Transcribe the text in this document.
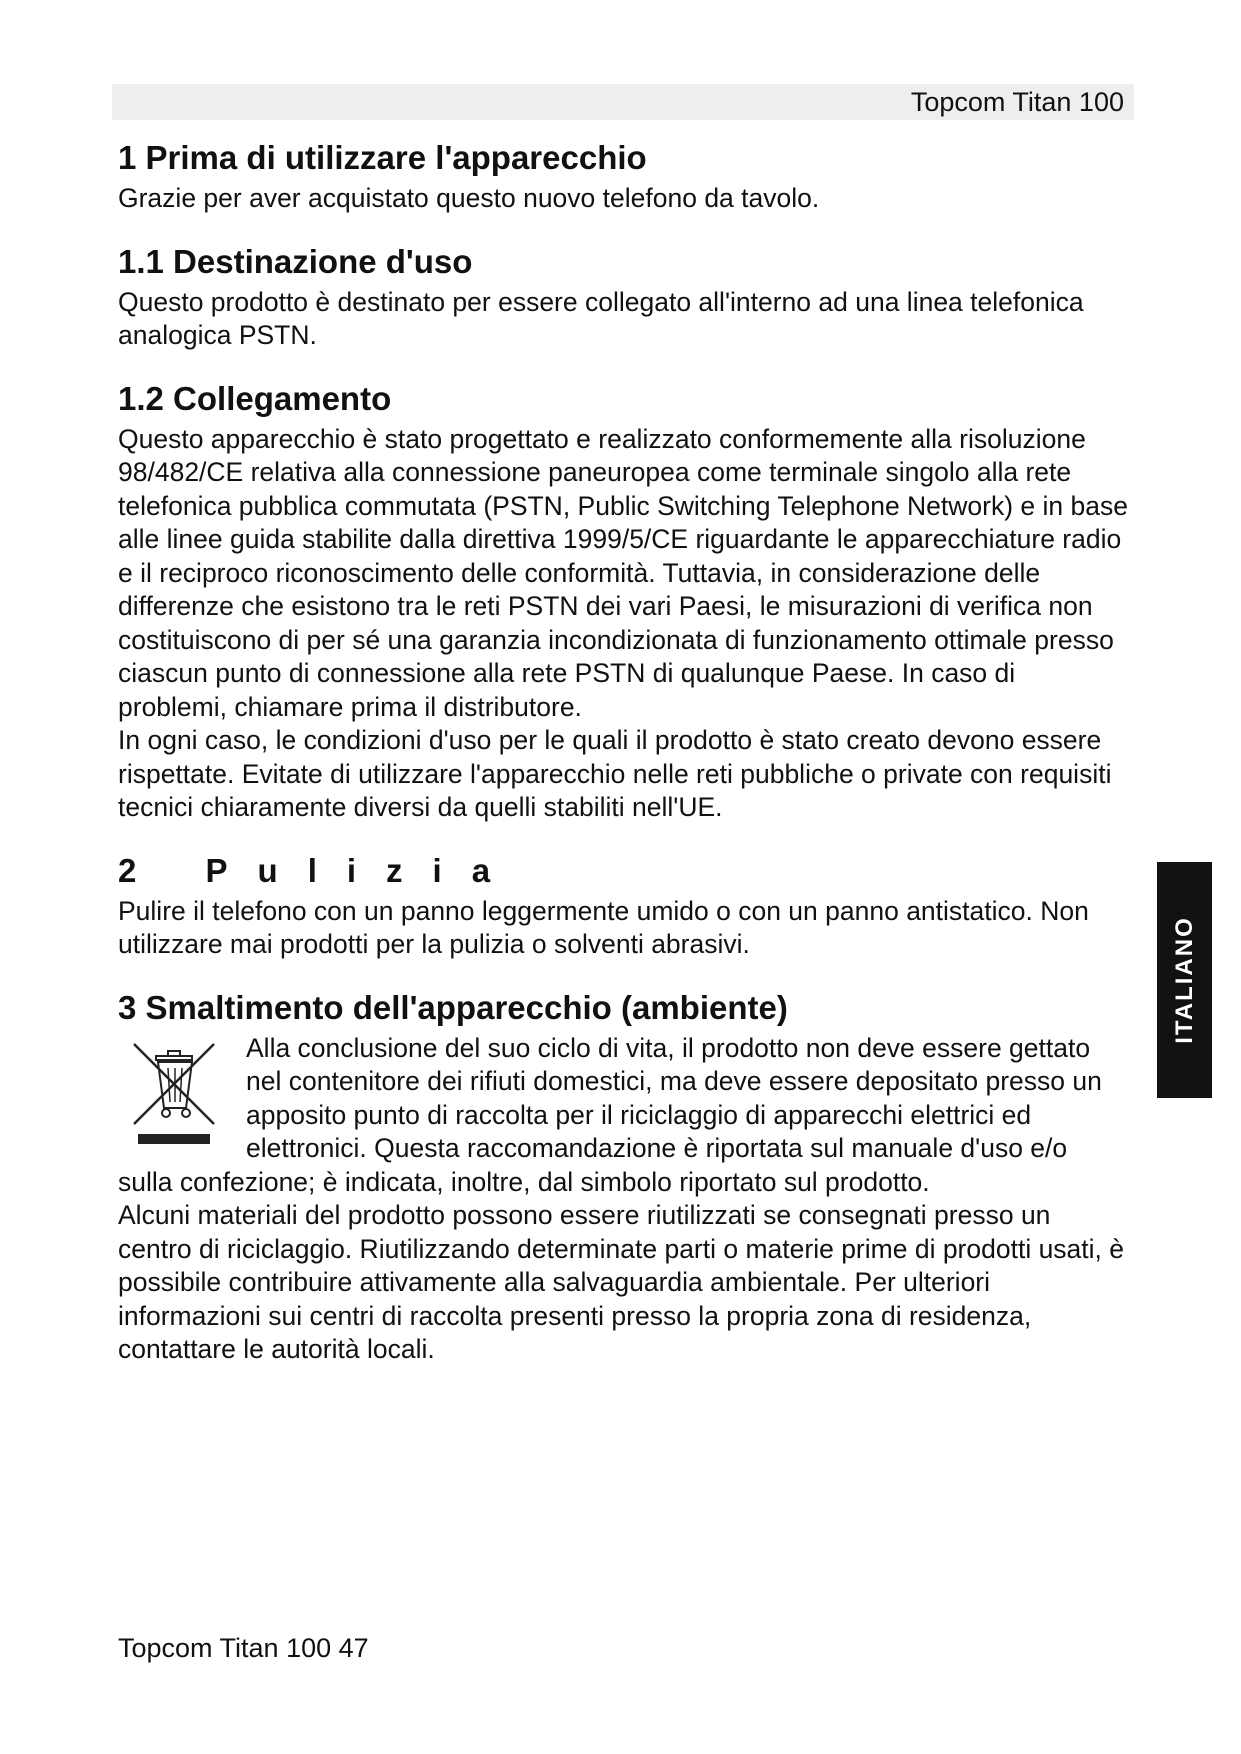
Topcom Titan 100
1 Prima di utilizzare l'apparecchio

Grazie per aver acquistato questo nuovo telefono da tavolo.

1.1 Destinazione d'uso

Questo prodotto è destinato per essere collegato all'interno ad una linea telefonica analogica PSTN.

1.2 Collegamento

Questo apparecchio è stato progettato e realizzato conformemente alla risoluzione 98/482/CE relativa alla connessione paneuropea come terminale singolo alla rete telefonica pubblica commutata (PSTN, Public Switching Telephone Network) e in base alle linee guida stabilite dalla direttiva 1999/5/CE riguardante le apparecchiature radio e il reciproco riconoscimento delle conformità. Tuttavia, in considerazione delle differenze che esistono tra le reti PSTN dei vari Paesi, le misurazioni di verifica non costituiscono di per sé una garanzia incondizionata di funzionamento ottimale presso ciascun punto di connessione alla rete PSTN di qualunque Paese. In caso di problemi, chiamare prima il distributore.

In ogni caso, le condizioni d'uso per le quali il prodotto è stato creato devono essere rispettate. Evitate di utilizzare l'apparecchio nelle reti pubbliche o private con requisiti tecnici chiaramente diversi da quelli stabiliti nell'UE.

2 Pulizia

Pulire il telefono con un panno leggermente umido o con un panno antistatico. Non utilizzare mai prodotti per la pulizia o solventi abrasivi.

3 Smaltimento dell'apparecchio (ambiente)

Alla conclusione del suo ciclo di vita, il prodotto non deve essere gettato nel contenitore dei rifiuti domestici, ma deve essere depositato presso un apposito punto di raccolta per il riciclaggio di apparecchi elettrici ed elettronici. Questa raccomandazione è riportata sul manuale d'uso e/o sulla confezione; è indicata, inoltre, dal simbolo riportato sul prodotto.

Alcuni materiali del prodotto possono essere riutilizzati se consegnati presso un centro di riciclaggio. Riutilizzando determinate parti o materie prime di prodotti usati, è possibile contribuire attivamente alla salvaguardia ambientale. Per ulteriori informazioni sui centri di raccolta presenti presso la propria zona di residenza, contattare le autorità locali.

ITALIANO
Topcom Titan 100 47
